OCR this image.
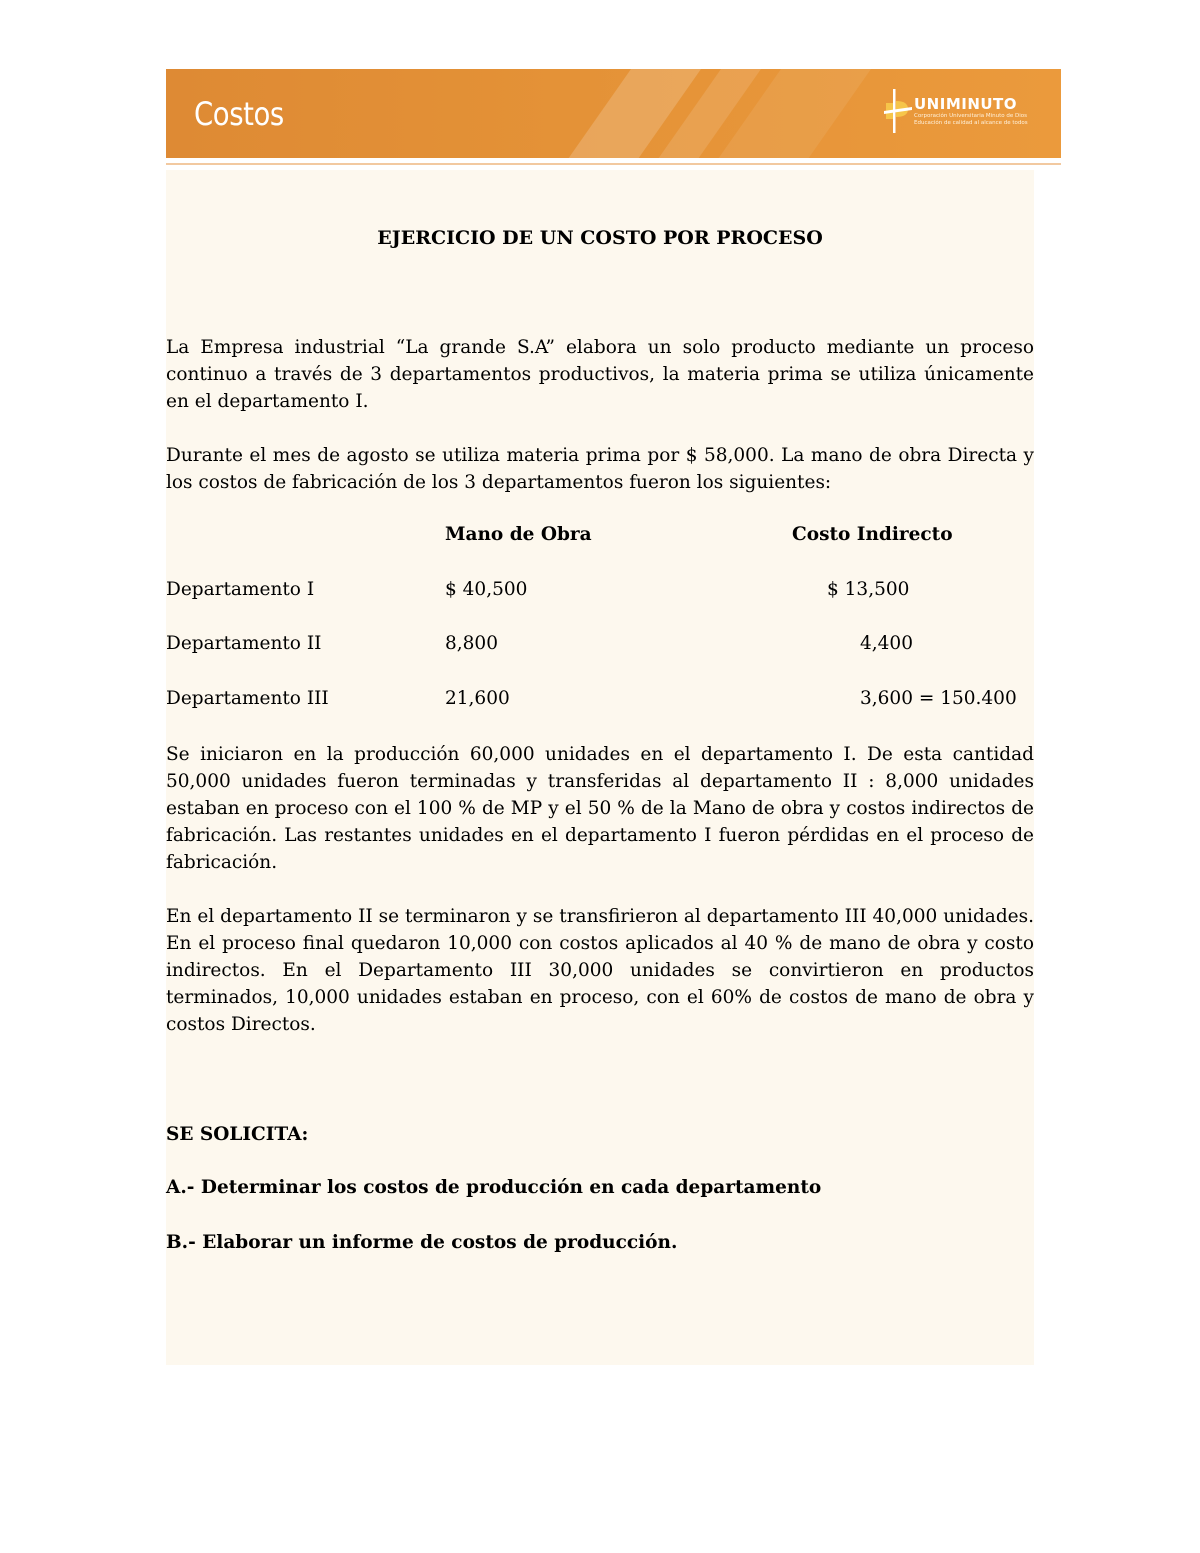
Costos	UNIMINUTO
Corporación Universitaria Minuto de Dios
Educación de calidad al alcance de todos
EJERCICIO DE UN COSTO POR PROCESO
La Empresa industrial “La grande S.A” elabora un solo producto mediante un proceso continuo a través de 3 departamentos productivos, la materia prima se utiliza únicamente en el departamento I.
Durante el mes de agosto se utiliza materia prima por $ 58,000. La mano de obra Directa y los costos de fabricación de los 3 departamentos fueron los siguientes:
Mano de Obra	Costo Indirecto
Departamento I	$ 40,500	$ 13,500
Departamento II	8,800	4,400
Departamento III	21,600	3,600 = 150.400
Se iniciaron en la producción 60,000 unidades en el departamento I. De esta cantidad 50,000 unidades fueron terminadas y transferidas al departamento II : 8,000 unidades estaban en proceso con el 100 % de MP y el 50 % de la Mano de obra y costos indirectos de fabricación. Las restantes unidades en el departamento I fueron pérdidas en el proceso de fabricación.
En el departamento II se terminaron y se transfirieron al departamento III 40,000 unidades. En el proceso final quedaron 10,000 con costos aplicados al 40 % de mano de obra y costo indirectos. En el Departamento III 30,000 unidades se convirtieron en productos terminados, 10,000 unidades estaban en proceso, con el 60% de costos de mano de obra y costos Directos.
SE SOLICITA:
A.- Determinar los costos de producción en cada departamento
B.- Elaborar un informe de costos de producción.
